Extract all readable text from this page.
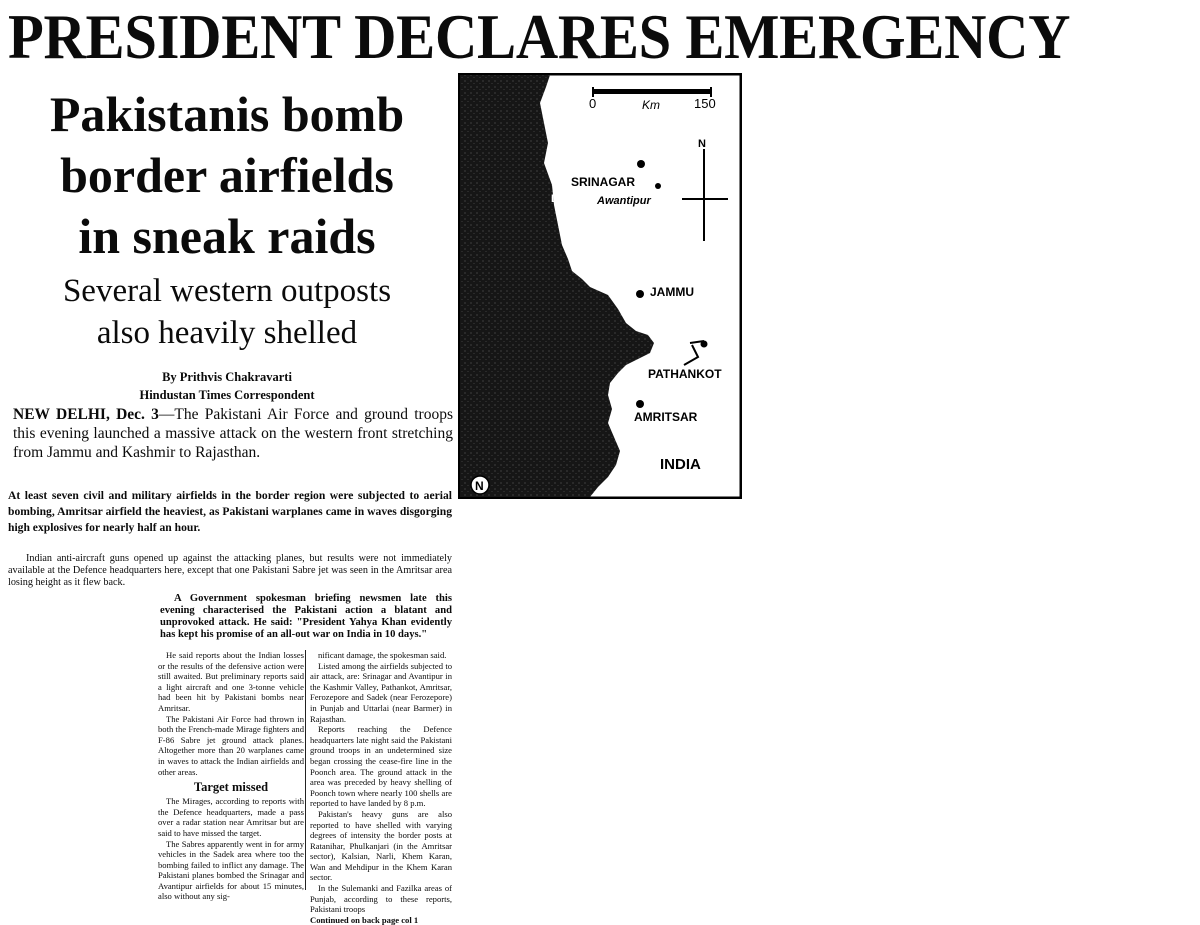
PRESIDENT DECLARES EMERGENCY
Pakistanis bomb
border airfields
in sneak raids
Several western outposts
also heavily shelled
By Prithvis Chakravarti
Hindustan Times Correspondent
NEW DELHI, Dec. 3—The Pakistani Air Force and ground troops this evening launched a massive attack on the western front stretching from Jammu and Kashmir to Rajasthan.
At least seven civil and military airfields in the border region were subjected to aerial bombing, Amritsar airfield the heaviest, as Pakistani warplanes came in waves disgorging high explosives for nearly half an hour.

Indian anti-aircraft guns opened up against the attacking planes, but results were not immediately available at the Defence headquarters here, except that one Pakistani Sabre jet was seen in the Amritsar area losing height as it flew back.

A Government spokesman briefing newsmen late this evening characterised the Pakistani action a blatant and unprovoked attack. He said: "President Yahya Khan evidently has kept his promise of an all-out war on India in 10 days."

He said reports about the Indian losses or the results of the defensive action were still awaited. But preliminary reports said a light aircraft and one 3-tonne vehicle had been hit by Pakistani bombs near Amritsar.

The Pakistani Air Force had thrown in both the French-made Mirage fighters and F-86 Sabre jet ground attack planes. Altogether more than 20 warplanes came in waves to attack the Indian airfields and other areas.

Target missed

The Mirages, according to reports with the Defence headquarters, made a pass over a radar station near Amritsar but are said to have missed the target.

The Sabres apparently went in for army vehicles in the Sadek area where too the bombing failed to inflict any damage. The Pakistani planes bombed the Srinagar and Avantipur airfields for about 15 minutes, also without any sig-

nificant damage, the spokesman said.

Listed among the airfields subjected to air attack, are: Srinagar and Avantipur in the Kashmir Valley, Pathankot, Amritsar, Ferozepore and Sadek (near Ferozepore) in Punjab and Uttarlai (near Barmer) in Rajasthan.

Reports reaching the Defence headquarters late night said the Pakistani ground troops in an undetermined size began crossing the cease-fire line in the Poonch area. The ground attack in the area was preceded by heavy shelling of Poonch town where nearly 100 shells are reported to have landed by 8 p.m.

Pakistan's heavy guns are also reported to have shelled with varying degrees of intensity the border posts at Ratanihar, Phulkanjari (in the Amritsar sector), Kalsian, Narli, Khem Karan, Wan and Mehdipur in the Khem Karan sector.

In the Sulemanki and Fazilka areas of Punjab, according to these reports, Pakistani troops

Continued on back page col 1

0	Km	150
N
SRINAGAR
Awantipur
DI
JAMMU
PATHANKOT
AMRITSAR
INDIA
N
